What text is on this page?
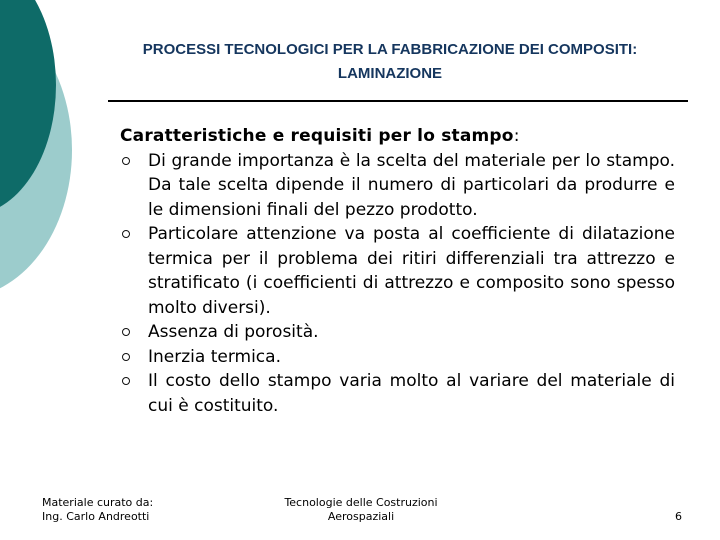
PROCESSI TECNOLOGICI PER LA FABBRICAZIONE DEI COMPOSITI:
LAMINAZIONE
Caratteristiche e requisiti per lo stampo:
Di grande importanza è la scelta del materiale per lo stampo. Da tale scelta dipende il numero di particolari da produrre e le dimensioni finali del pezzo prodotto.
Particolare attenzione va posta al coefficiente di dilatazione termica per il problema dei ritiri differenziali tra attrezzo e stratificato (i coefficienti di attrezzo e composito sono spesso molto diversi).
Assenza di porosità.
Inerzia termica.
Il costo dello stampo varia molto al variare del materiale di cui è costituito.
Materiale curato da:
Ing. Carlo Andreotti
Tecnologie delle Costruzioni
Aerospaziali	6
